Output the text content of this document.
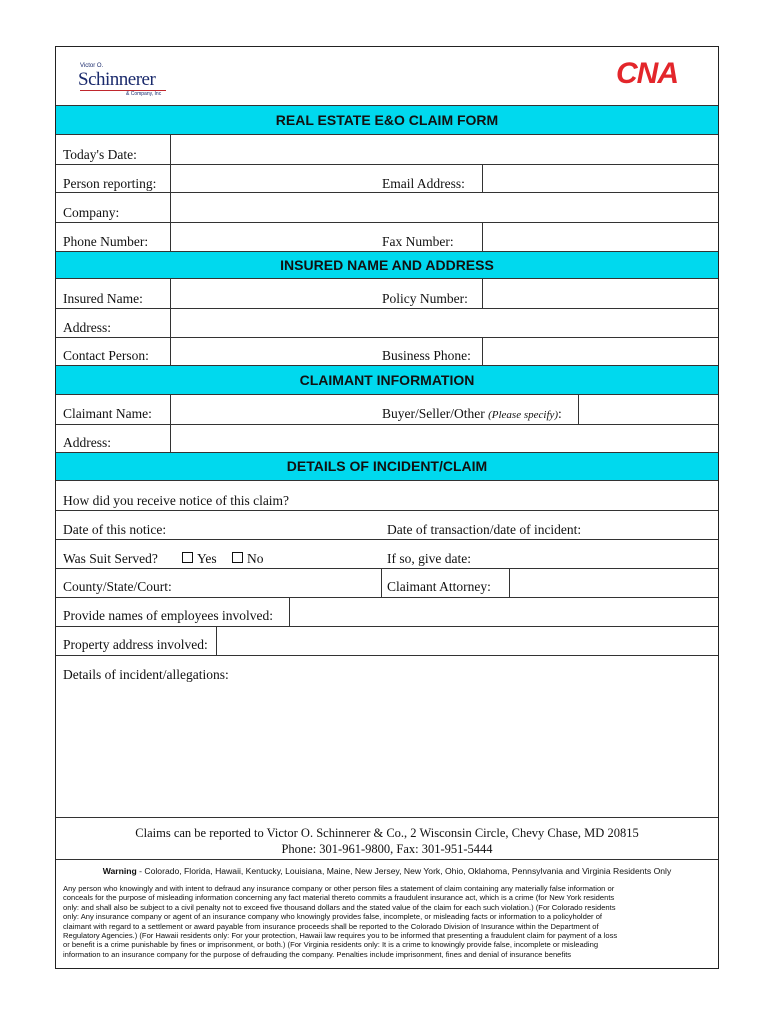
Victor O.
Schinnerer
& Company, Inc
CNA
REAL ESTATE E&O CLAIM FORM
Today's Date:
Person reporting:	Email Address:
Company:
Phone Number:	Fax Number:
INSURED NAME AND ADDRESS
Insured Name:	Policy Number:
Address:
Contact Person:	Business Phone:
CLAIMANT INFORMATION
Claimant Name:	Buyer/Seller/Other (Please specify):
Address:
DETAILS OF INCIDENT/CLAIM
How did you receive notice of this claim?
Date of this notice:	Date of transaction/date of incident:
Was Suit Served?	Yes	No	If so, give date:
County/State/Court:	Claimant Attorney:
Provide names of employees involved:
Property address involved:
Details of incident/allegations:
Claims can be reported to Victor O. Schinnerer & Co., 2 Wisconsin Circle, Chevy Chase, MD 20815
Phone: 301-961-9800, Fax: 301-951-5444
Warning - Colorado, Florida, Hawaii, Kentucky, Louisiana, Maine, New Jersey, New York, Ohio, Oklahoma, Pennsylvania and Virginia Residents Only
Any person who knowingly and with intent to defraud any insurance company or other person files a statement of claim containing any materially false information or
conceals for the purpose of misleading information concerning any fact material thereto commits a fraudulent insurance act, which is a crime (for New York residents
only: and shall also be subject to a civil penalty not to exceed five thousand dollars and the stated value of the claim for each such violation.) (For Colorado residents
only: Any insurance company or agent of an insurance company who knowingly provides false, incomplete, or misleading facts or information to a policyholder of
claimant with regard to a settlement or award payable from insurance proceeds shall be reported to the Colorado Division of Insurance within the Department of
Regulatory Agencies.) (For Hawaii residents only: For your protection, Hawaii law requires you to be informed that presenting a fraudulent claim for payment of a loss
or benefit is a crime punishable by fines or imprisonment, or both.) (For Virginia residents only: It is a crime to knowingly provide false, incomplete or misleading
information to an insurance company for the purpose of defrauding the company. Penalties include imprisonment, fines and denial of insurance benefits
